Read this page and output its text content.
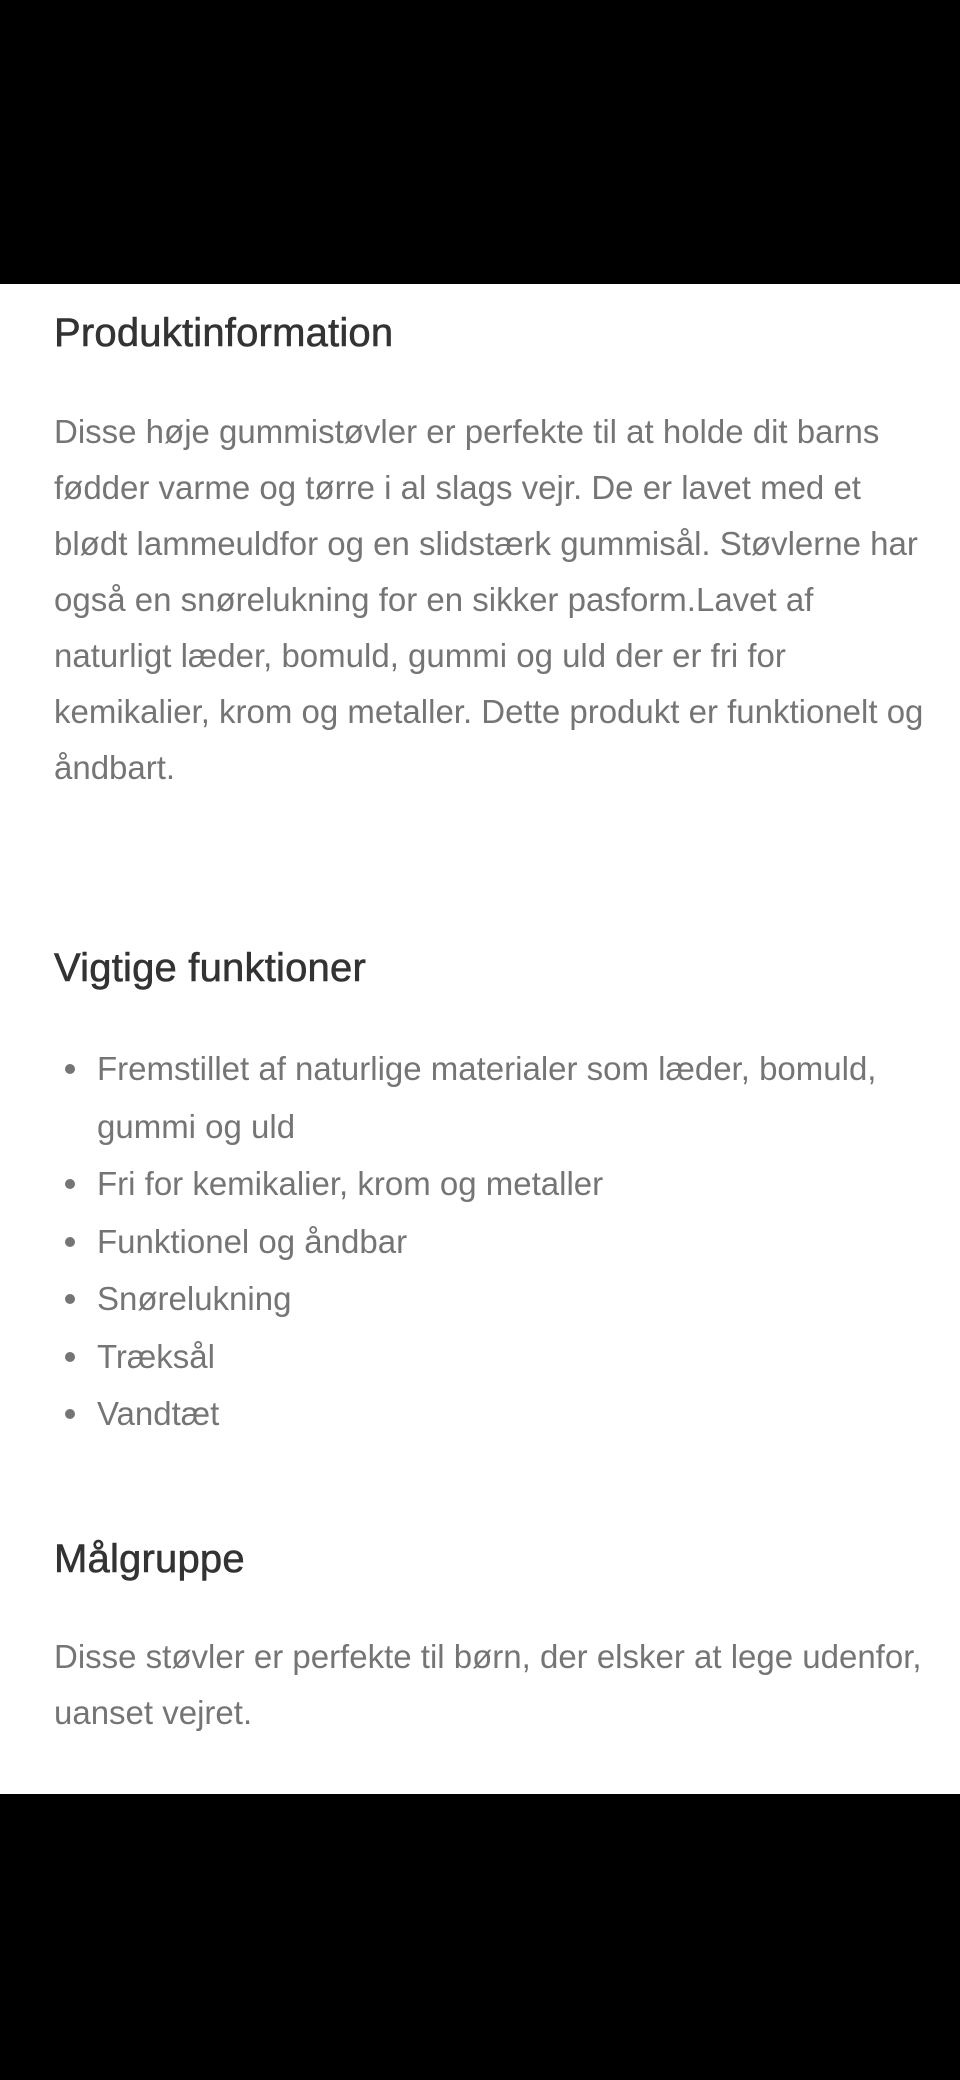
Produktinformation

Disse høje gummistøvler er perfekte til at holde dit barns fødder varme og tørre i al slags vejr. De er lavet med et blødt lammeuldfor og en slidstærk gummisål. Støvlerne har også en snørelukning for en sikker pasform.Lavet af naturligt læder, bomuld, gummi og uld der er fri for kemikalier, krom og metaller. Dette produkt er funktionelt og åndbart.

Vigtige funktioner
Fremstillet af naturlige materialer som læder, bomuld, gummi og uld
Fri for kemikalier, krom og metaller
Funktionel og åndbar
Snørelukning
Træksål
Vandtæt
Målgruppe

Disse støvler er perfekte til børn, der elsker at lege udenfor, uanset vejret.
